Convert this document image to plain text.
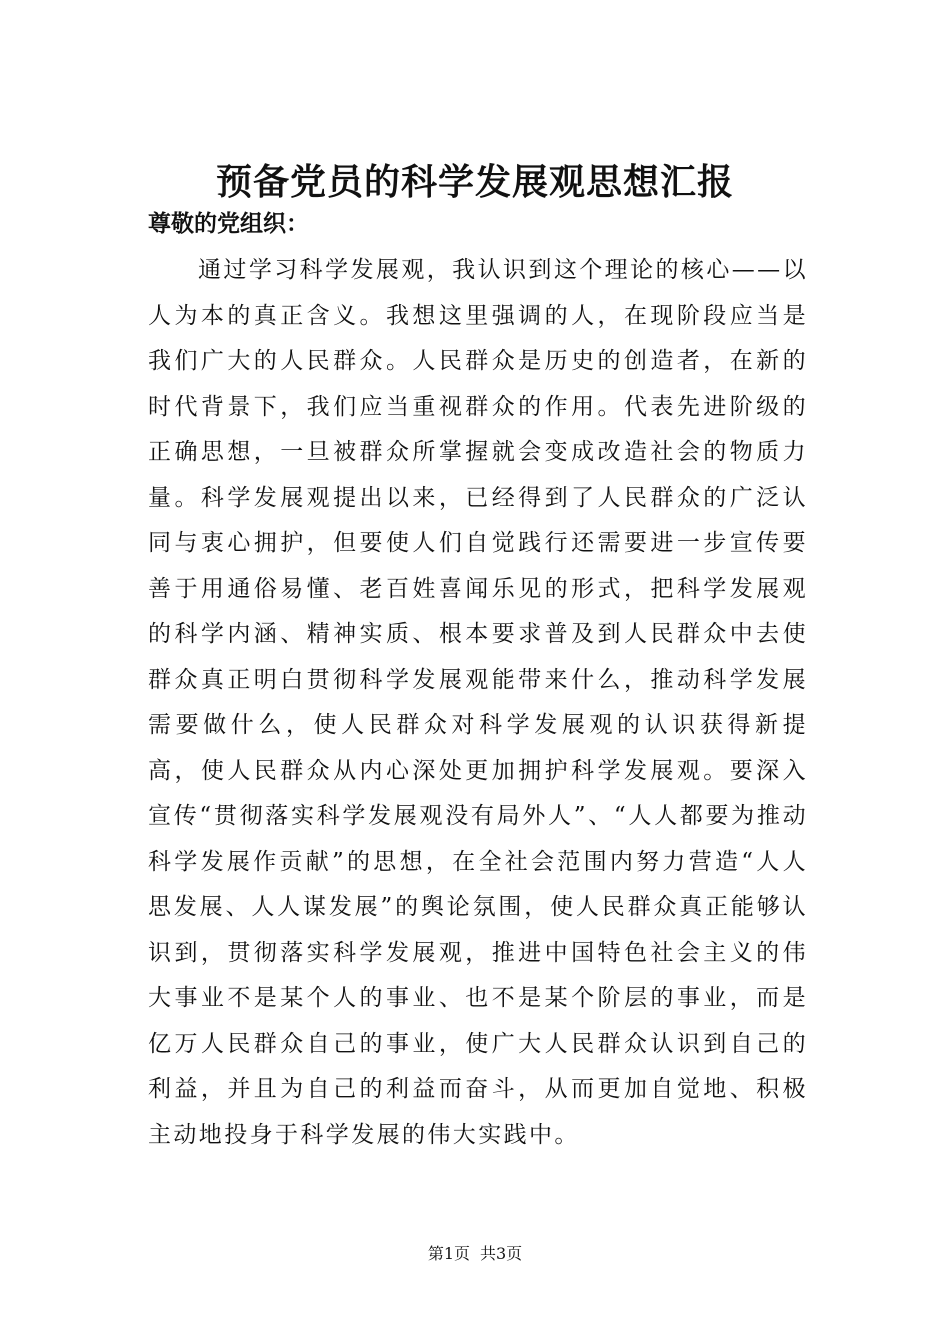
预备党员的科学发展观思想汇报
尊敬的党组织：

通过学习科学发展观，我认识到这个理论的核心——以人为本的真正含义。我想这里强调的人，在现阶段应当是我们广大的人民群众。人民群众是历史的创造者，在新的时代背景下，我们应当重视群众的作用。代表先进阶级的正确思想，一旦被群众所掌握就会变成改造社会的物质力量。科学发展观提出以来，已经得到了人民群众的广泛认同与衷心拥护，但要使人们自觉践行还需要进一步宣传要善于用通俗易懂、老百姓喜闻乐见的形式，把科学发展观的科学内涵、精神实质、根本要求普及到人民群众中去使群众真正明白贯彻科学发展观能带来什么，推动科学发展需要做什么，使人民群众对科学发展观的认识获得新提高，使人民群众从内心深处更加拥护科学发展观。要深入宣传“贯彻落实科学发展观没有局外人”、“人人都要为推动科学发展作贡献”的思想，在全社会范围内努力营造“人人思发展、人人谋发展”的舆论氛围，使人民群众真正能够认识到，贯彻落实科学发展观，推进中国特色社会主义的伟大事业不是某个人的事业、也不是某个阶层的事业，而是亿万人民群众自己的事业，使广大人民群众认识到自己的利益，并且为自己的利益而奋斗，从而更加自觉地、积极主动地投身于科学发展的伟大实践中。

第1页 共3页
